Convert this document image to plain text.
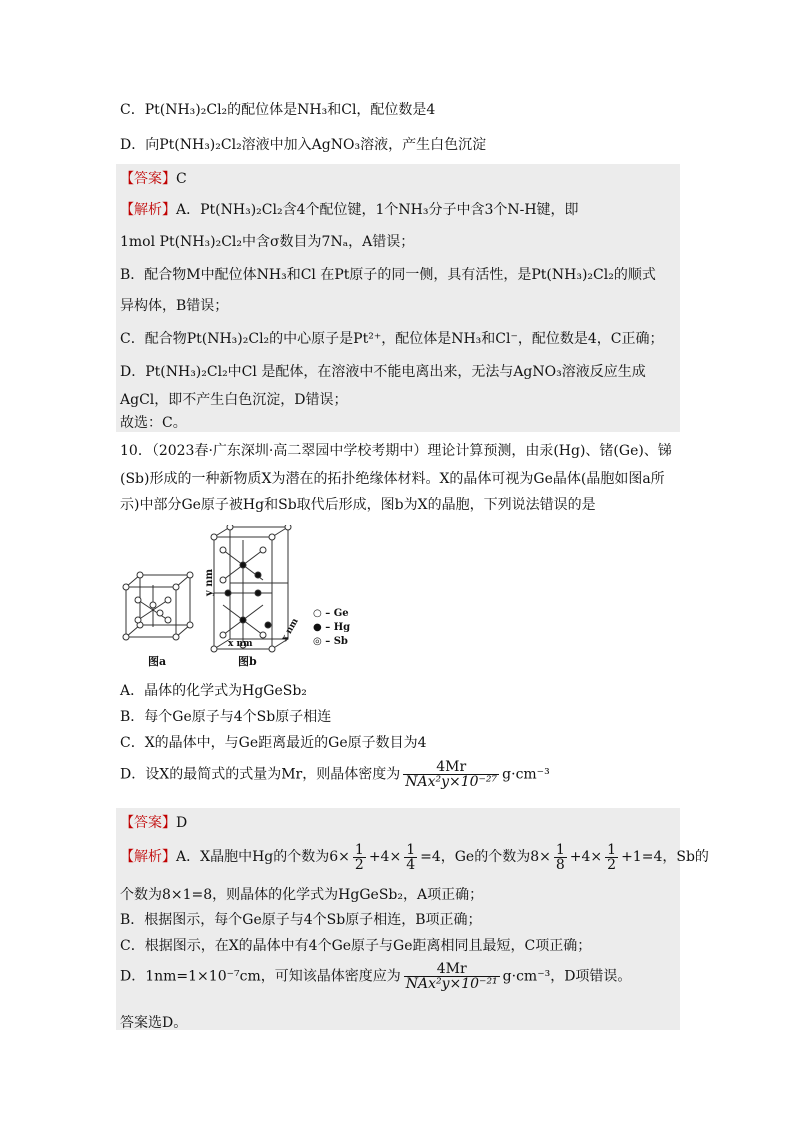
C．Pt(NH₃)₂Cl₂的配位体是NH₃和Cl，配位数是4
D．向Pt(NH₃)₂Cl₂溶液中加入AgNO₃溶液，产生白色沉淀
【答案】C
【解析】A．Pt(NH₃)₂Cl₂含4个配位键，1个NH₃分子中含3个N-H键，即
1mol Pt(NH₃)₂Cl₂中含σ数目为7Nₐ，A错误；
B．配合物M中配位体NH₃和Cl 在Pt原子的同一侧，具有活性，是Pt(NH₃)₂Cl₂的顺式
异构体，B错误；
C．配合物Pt(NH₃)₂Cl₂的中心原子是Pt²⁺，配位体是NH₃和Cl⁻，配位数是4，C正确；
D．Pt(NH₃)₂Cl₂中Cl 是配体，在溶液中不能电离出来，无法与AgNO₃溶液反应生成
AgCl，即不产生白色沉淀，D错误；
故选：C。
10．（2023春·广东深圳·高二翠园中学校考期中）理论计算预测，由汞(Hg)、锗(Ge)、锑
(Sb)形成的一种新物质X为潜在的拓扑绝缘体材料。X的晶体可视为Ge晶体(晶胞如图a所
示)中部分Ge原子被Hg和Sb取代后形成，图b为X的晶胞，下列说法错误的是
图a	图b
y nm
x nm
x nm
○ – Ge
● – Hg
◎ – Sb
A．晶体的化学式为HgGeSb₂
B．每个Ge原子与4个Sb原子相连
C．X的晶体中，与Ge距离最近的Ge原子数目为4
D．设X的最简式的式量为Mr，则晶体密度为 $\frac{4Mr}{\text{NAx²y×10⁻²⁷}} g\cdot cm^{-3}$
【答案】D
【解析】A．X晶胞中Hg的个数为$6\times \frac{1}{2} +4\times \frac{1}{4} =4$，Ge的个数为$8\times \frac{1}{8} +4\times \frac{1}{2} +1=4$，Sb的
个数为8×1=8，则晶体的化学式为HgGeSb₂，A项正确；
B．根据图示，每个Ge原子与4个Sb原子相连，B项正确；
C．根据图示，在X的晶体中有4个Ge原子与Ge距离相同且最短，C项正确；
D．1nm=1×10⁻⁷cm，可知该晶体密度应为 $\frac{4Mr}{\text{NAx²y×10⁻²¹}} g\cdot cm^{-3}$，D项错误。
答案选D。
